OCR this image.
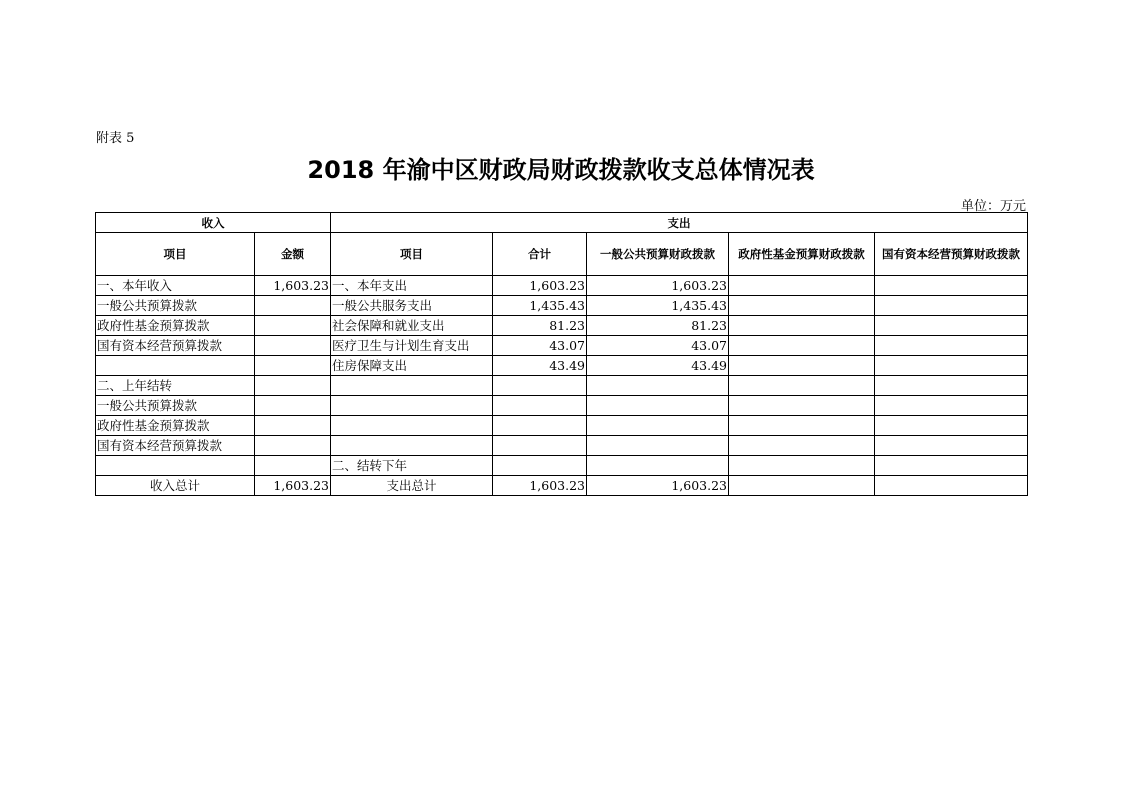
附表 5
2018 年渝中区财政局财政拨款收支总体情况表
单位：万元
收入		支出				
项目	金额	项目	合计	一般公共预算财政拨款	政府性基金预算财政拨款	国有资本经营预算财政拨款
一、本年收入	1,603.23	一、本年支出	1,603.23	1,603.23		
一般公共预算拨款		一般公共服务支出	1,435.43	1,435.43		
政府性基金预算拨款		社会保障和就业支出	81.23	81.23		
国有资本经营预算拨款		医疗卫生与计划生育支出	43.07	43.07		
		住房保障支出	43.49	43.49		
二、上年结转						
一般公共预算拨款						
政府性基金预算拨款						
国有资本经营预算拨款						
		二、结转下年				
收入总计	1,603.23	支出总计	1,603.23	1,603.23		
